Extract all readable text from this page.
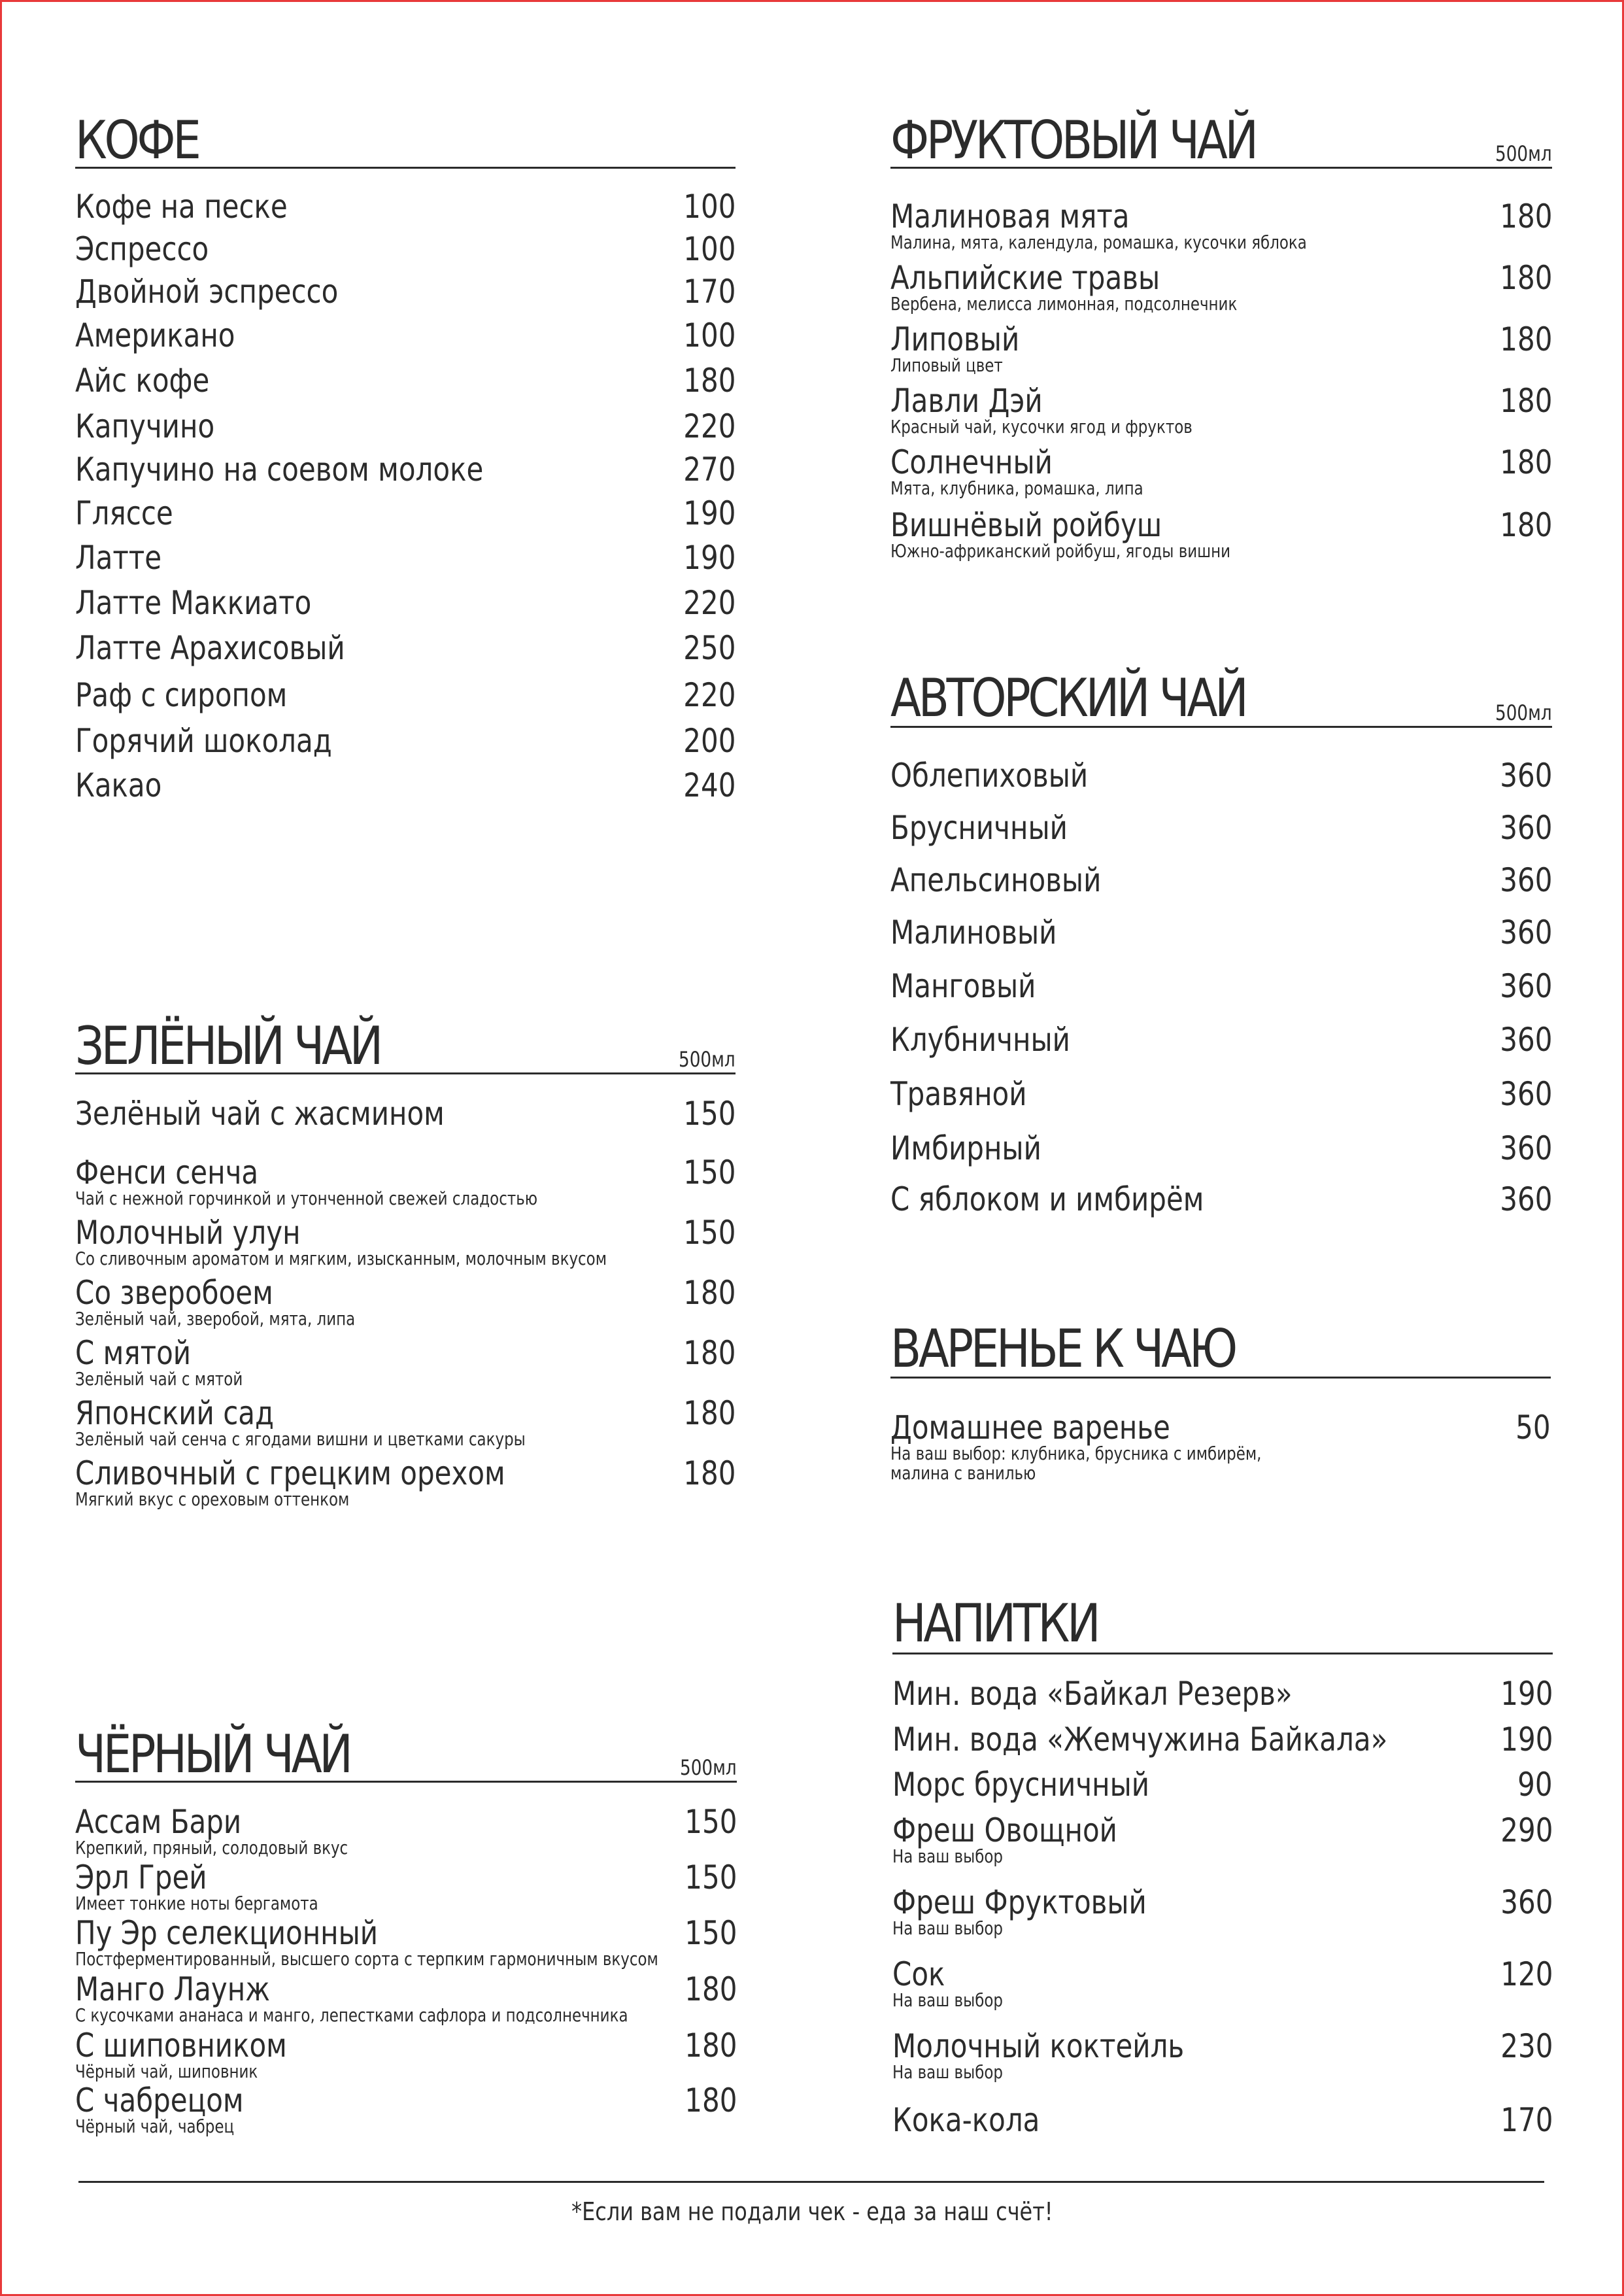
КОФЕ
Кофе на песке	100
Эспрессо	100
Двойной эспрессо	170
Американо	100
Айс кофе	180
Капучино	220
Капучино на соевом молоке	270
Гляссе	190
Латте	190
Латте Маккиато	220
Латте Арахисовый	250
Раф с сиропом	220
Горячий шоколад	200
Какао	240
ЗЕЛЁНЫЙ ЧАЙ	500мл
Зелёный чай с жасмином	150
Фенси сенча	150
Чай с нежной горчинкой и утонченной свежей сладостью
Молочный улун	150
Со сливочным ароматом и мягким, изысканным, молочным вкусом
Со зверобоем	180
Зелёный чай, зверобой, мята, липа
С мятой	180
Зелёный чай с мятой
Японский сад	180
Зелёный чай сенча с ягодами вишни и цветками сакуры
Сливочный с грецким орехом	180
Мягкий вкус с ореховым оттенком
ЧЁРНЫЙ ЧАЙ	500мл
Ассам Бари	150
Крепкий, пряный, солодовый вкус
Эрл Грей	150
Имеет тонкие ноты бергамота
Пу Эр селекционный	150
Постферментированный, высшего сорта с терпким гармоничным вкусом
Манго Лаунж	180
С кусочками ананаса и манго, лепестками сафлора и подсолнечника
С шиповником	180
Чёрный чай, шиповник
С чабрецом	180
Чёрный чай, чабрец
ФРУКТОВЫЙ ЧАЙ	500мл
Малиновая мята	180
Малина, мята, календула, ромашка, кусочки яблока
Альпийские травы	180
Вербена, мелисса лимонная, подсолнечник
Липовый	180
Липовый цвет
Лавли Дэй	180
Красный чай, кусочки ягод и фруктов
Солнечный	180
Мята, клубника, ромашка, липа
Вишнёвый ройбуш	180
Южно-африканский ройбуш, ягоды вишни
АВТОРСКИЙ ЧАЙ	500мл
Облепиховый	360
Брусничный	360
Апельсиновый	360
Малиновый	360
Манговый	360
Клубничный	360
Травяной	360
Имбирный	360
С яблоком и имбирём	360
ВАРЕНЬЕ К ЧАЮ
Домашнее варенье	50
На ваш выбор: клубника, брусника с имбирём,
малина с ванилью
НАПИТКИ
Мин. вода «Байкал Резерв»	190
Мин. вода «Жемчужина Байкала»	190
Морс брусничный	90
Фреш Овощной	290
На ваш выбор
Фреш Фруктовый	360
На ваш выбор
Сок	120
На ваш выбор
Молочный коктейль	230
На ваш выбор
Кока-кола	170
*Если вам не подали чек - еда за наш счёт!
